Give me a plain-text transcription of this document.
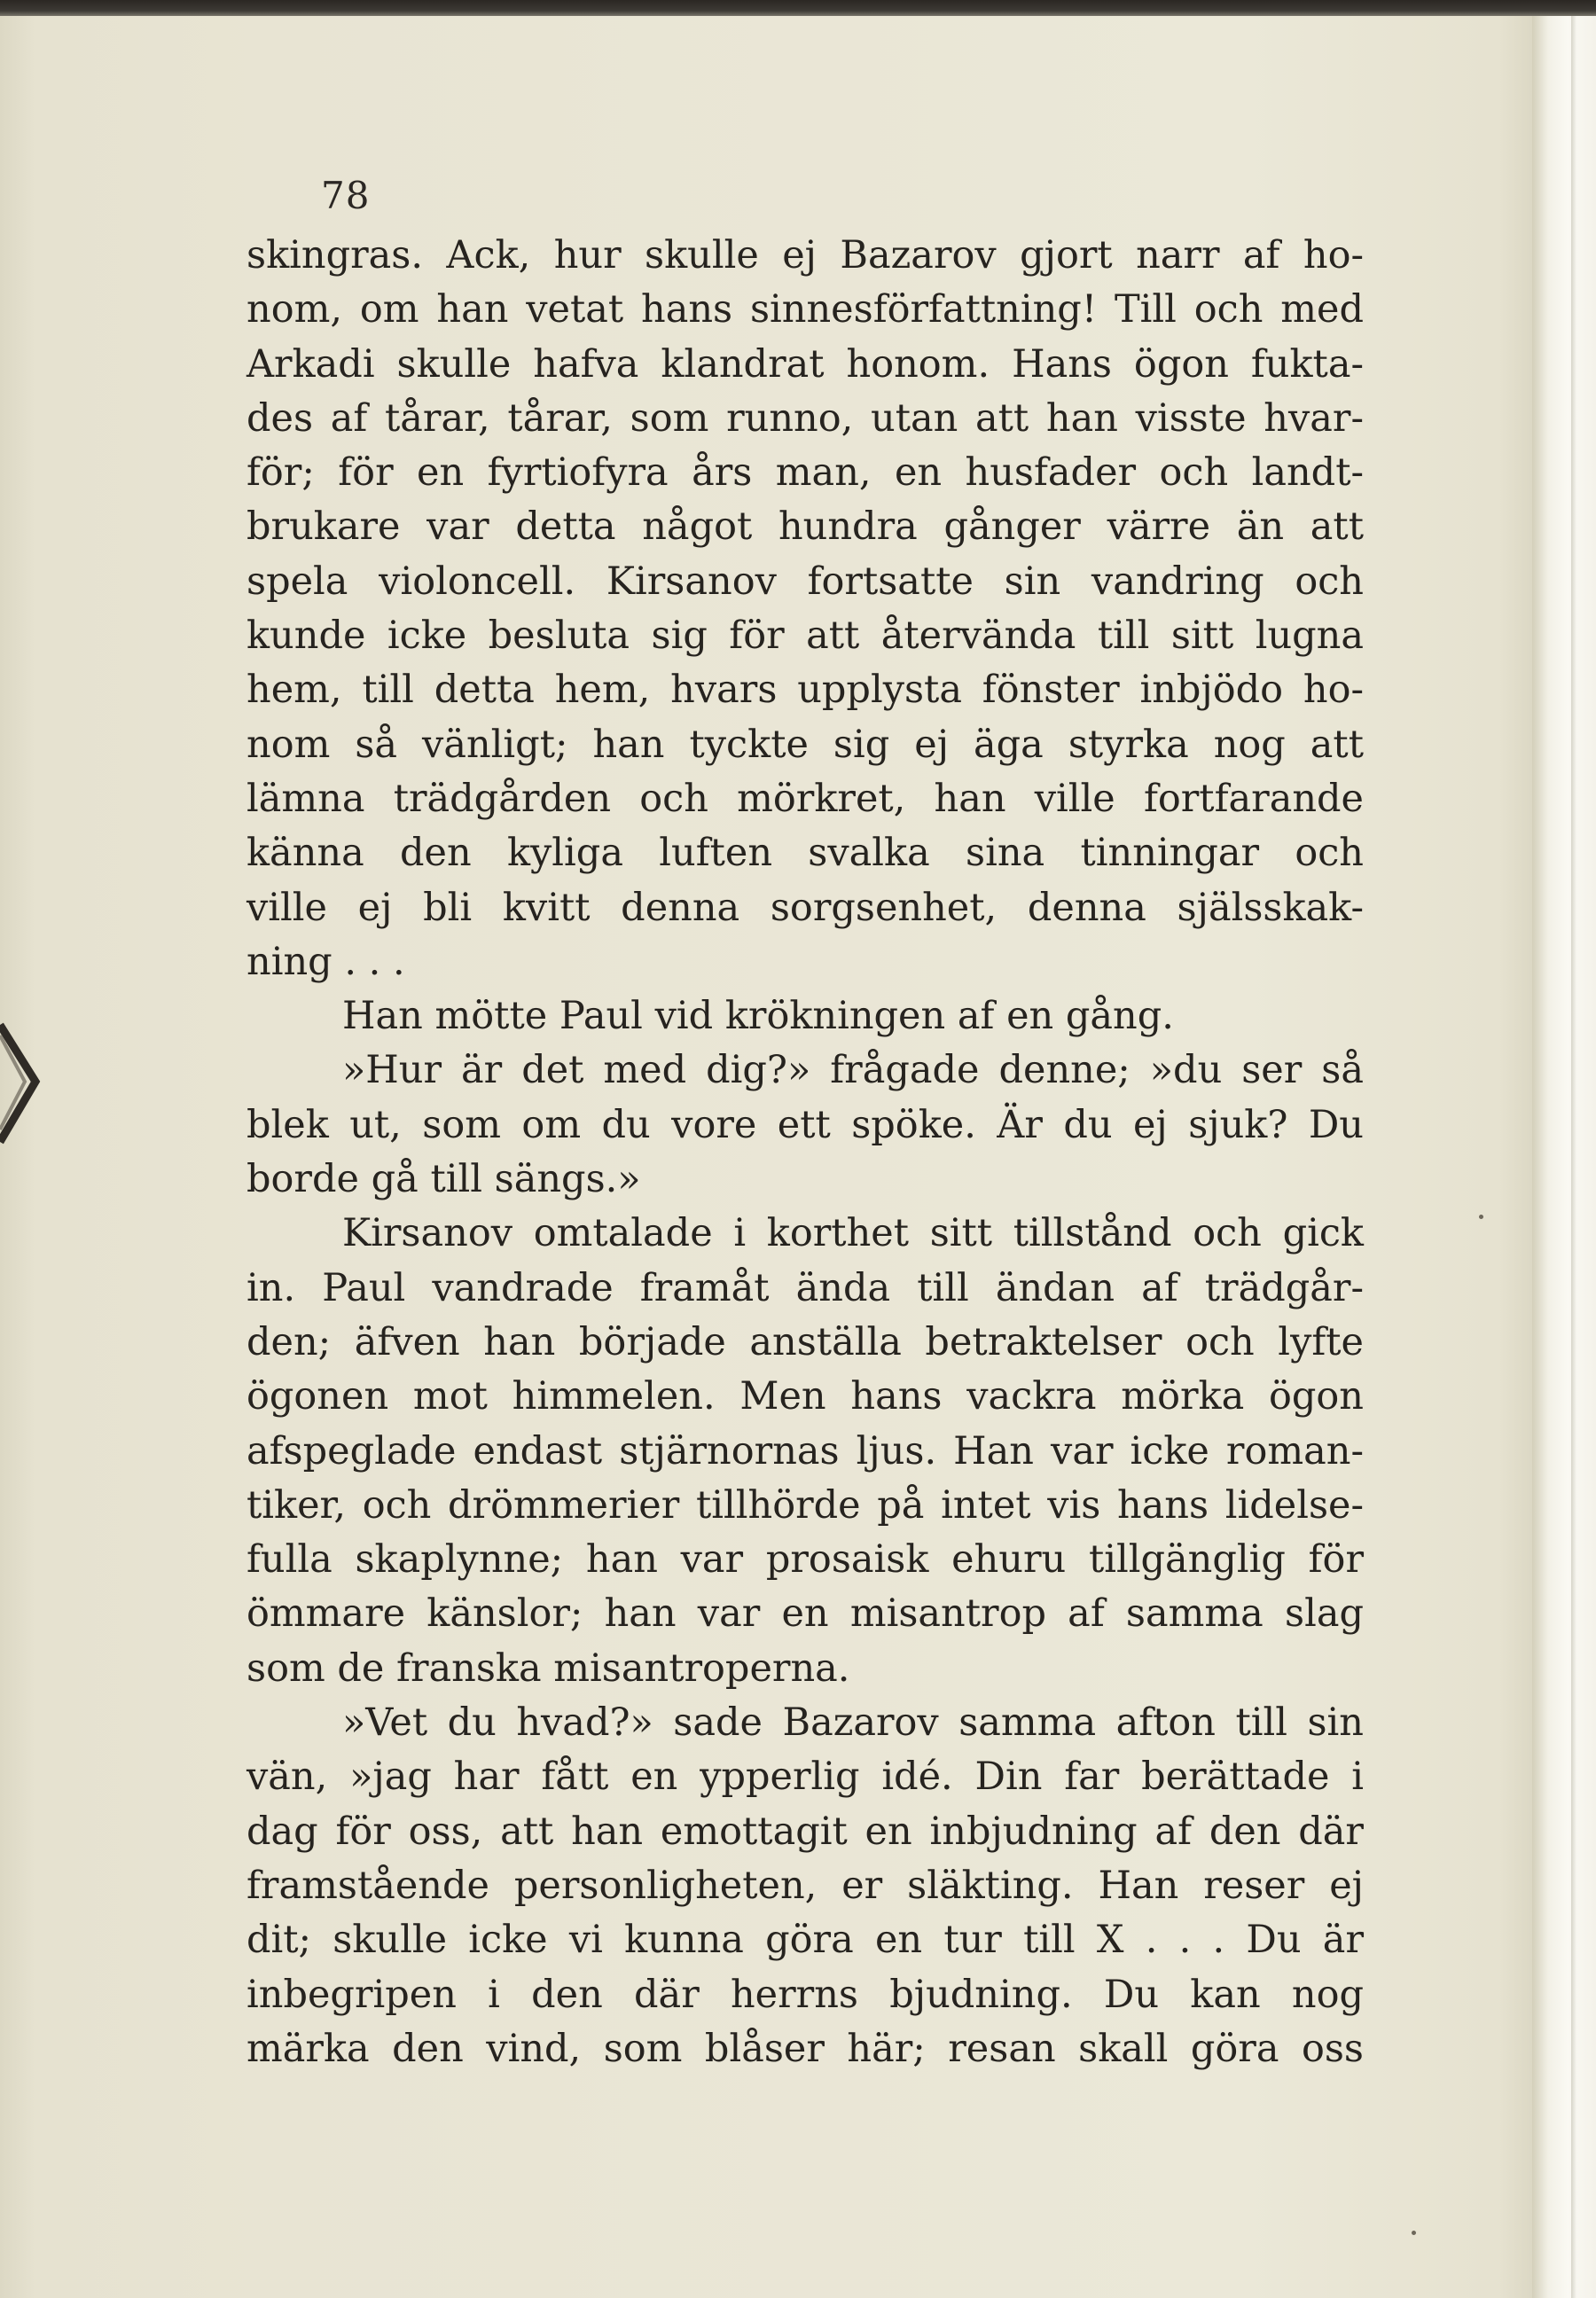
78
skingras. Ack, hur skulle ej Bazarov gjort narr af ho-
nom, om han vetat hans sinnesförfattning! Till och med
Arkadi skulle hafva klandrat honom. Hans ögon fukta-
des af tårar, tårar, som runno, utan att han visste hvar-
för; för en fyrtiofyra års man, en husfader och landt-
brukare var detta något hundra gånger värre än att
spela violoncell. Kirsanov fortsatte sin vandring och
kunde icke besluta sig för att återvända till sitt lugna
hem, till detta hem, hvars upplysta fönster inbjödo ho-
nom så vänligt; han tyckte sig ej äga styrka nog att
lämna trädgården och mörkret, han ville fortfarande
känna den kyliga luften svalka sina tinningar och
ville ej bli kvitt denna sorgsenhet, denna själsskak-
ning . . .
Han mötte Paul vid krökningen af en gång.
»Hur är det med dig?» frågade denne; »du ser så
blek ut, som om du vore ett spöke. Är du ej sjuk? Du
borde gå till sängs.»
Kirsanov omtalade i korthet sitt tillstånd och gick
in. Paul vandrade framåt ända till ändan af trädgår-
den; äfven han började anställa betraktelser och lyfte
ögonen mot himmelen. Men hans vackra mörka ögon
afspeglade endast stjärnornas ljus. Han var icke roman-
tiker, och drömmerier tillhörde på intet vis hans lidelse-
fulla skaplynne; han var prosaisk ehuru tillgänglig för
ömmare känslor; han var en misantrop af samma slag
som de franska misantroperna.
»Vet du hvad?» sade Bazarov samma afton till sin
vän, »jag har fått en ypperlig idé. Din far berättade i
dag för oss, att han emottagit en inbjudning af den där
framstående personligheten, er släkting. Han reser ej
dit; skulle icke vi kunna göra en tur till X . . . Du är
inbegripen i den där herrns bjudning. Du kan nog
märka den vind, som blåser här; resan skall göra oss
